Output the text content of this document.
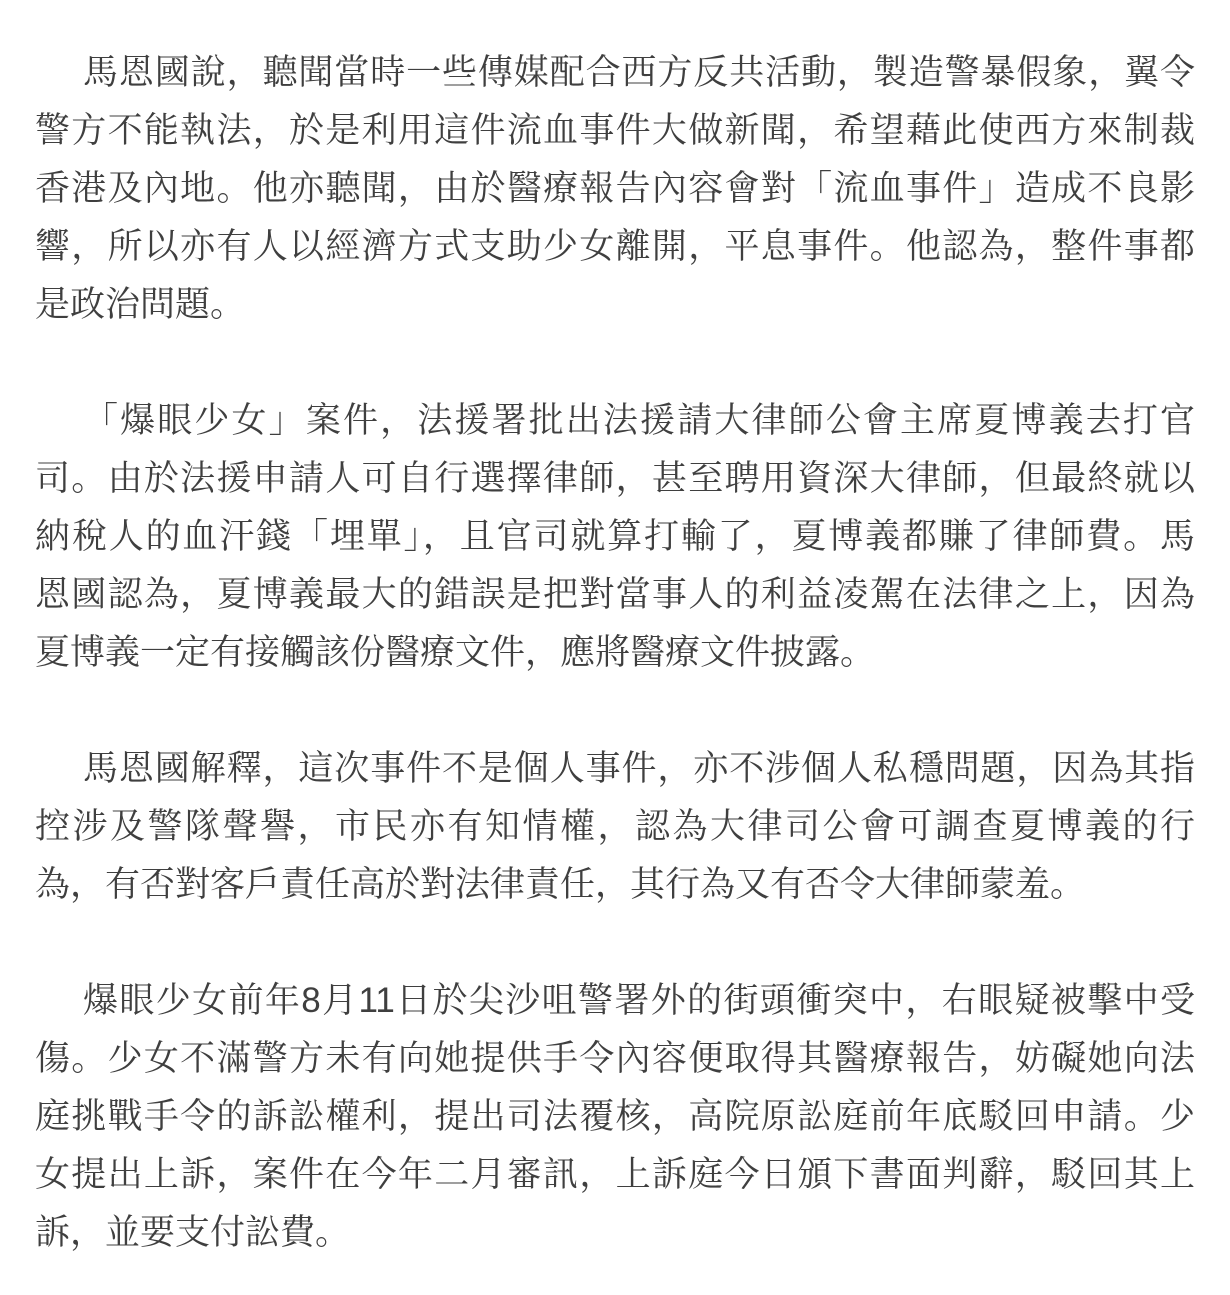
馬恩國說，聽聞當時一些傳媒配合西方反共活動，製造警暴假象，翼令
警方不能執法，於是利用這件流血事件大做新聞，希望藉此使西方來制裁
香港及內地。他亦聽聞，由於醫療報告內容會對「流血事件」造成不良影
響，所以亦有人以經濟方式支助少女離開，平息事件。他認為，整件事都
是政治問題。

「爆眼少女」案件，法援署批出法援請大律師公會主席夏博義去打官
司。由於法援申請人可自行選擇律師，甚至聘用資深大律師，但最終就以
納稅人的血汗錢「埋單」，且官司就算打輸了，夏博義都賺了律師費。馬
恩國認為，夏博義最大的錯誤是把對當事人的利益凌駕在法律之上，因為
夏博義一定有接觸該份醫療文件，應將醫療文件披露。

馬恩國解釋，這次事件不是個人事件，亦不涉個人私穩問題，因為其指
控涉及警隊聲譽，市民亦有知情權，認為大律司公會可調查夏博義的行
為，有否對客戶責任高於對法律責任，其行為又有否令大律師蒙羞。

爆眼少女前年8月11日於尖沙咀警署外的街頭衝突中，右眼疑被擊中受
傷。少女不滿警方未有向她提供手令內容便取得其醫療報告，妨礙她向法
庭挑戰手令的訴訟權利，提出司法覆核，高院原訟庭前年底駁回申請。少
女提出上訴，案件在今年二月審訊，上訴庭今日頒下書面判辭，駁回其上
訴，並要支付訟費。
